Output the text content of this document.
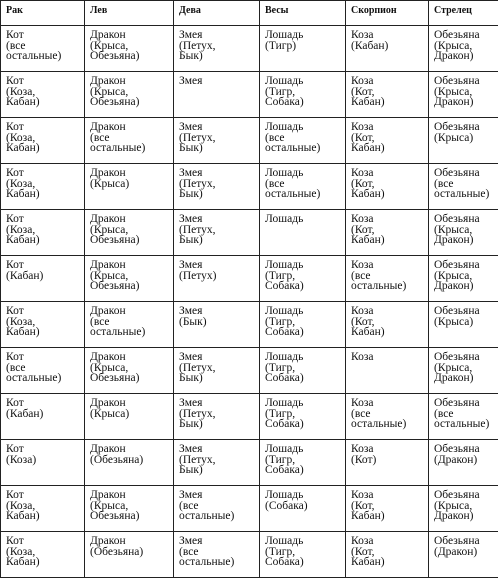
Рак	Лев	Дева	Весы	Скорпион	Стрелец
Кот
(все
остальные)	Дракон
(Крыса,
Обезьяна)	Змея
(Петух,
Бык)	Лошадь
(Тигр)	Коза
(Кабан)	Обезьяна
(Крыса,
Дракон)
Кот
(Коза,
Кабан)	Дракон
(Крыса,
Обезьяна)	Змея	Лошадь
(Тигр,
Собака)	Коза
(Кот,
Кабан)	Обезьяна
(Крыса,
Дракон)
Кот
(Коза,
Кабан)	Дракон
(все
остальные)	Змея
(Петух,
Бык)	Лошадь
(все
остальные)	Коза
(Кот,
Кабан)	Обезьяна
(Крыса)
Кот
(Коза,
Кабан)	Дракон
(Крыса)	Змея
(Петух,
Бык)	Лошадь
(все
остальные)	Коза
(Кот,
Кабан)	Обезьяна
(все
остальные)
Кот
(Коза,
Кабан)	Дракон
(Крыса,
Обезьяна)	Змея
(Петух,
Бык)	Лошадь	Коза
(Кот,
Кабан)	Обезьяна
(Крыса,
Дракон)
Кот
(Кабан)	Дракон
(Крыса,
Обезьяна)	Змея
(Петух)	Лошадь
(Тигр,
Собака)	Коза
(все
остальные)	Обезьяна
(Крыса,
Дракон)
Кот
(Коза,
Кабан)	Дракон
(все
остальные)	Змея
(Бык)	Лошадь
(Тигр,
Собака)	Коза
(Кот,
Кабан)	Обезьяна
(Крыса)
Кот
(все
остальные)	Дракон
(Крыса,
Обезьяна)	Змея
(Петух,
Бык)	Лошадь
(Тигр,
Собака)	Коза	Обезьяна
(Крыса,
Дракон)
Кот
(Кабан)	Дракон
(Крыса)	Змея
(Петух,
Бык)	Лошадь
(Тигр,
Собака)	Коза
(все
остальные)	Обезьяна
(все
остальные)
Кот
(Коза)	Дракон
(Обезьяна)	Змея
(Петух,
Бык)	Лошадь
(Тигр,
Собака)	Коза
(Кот)	Обезьяна
(Дракон)
Кот
(Коза,
Кабан)	Дракон
(Крыса,
Обезьяна)	Змея
(все
остальные)	Лошадь
(Собака)	Коза
(Кот,
Кабан)	Обезьяна
(Крыса,
Дракон)
Кот
(Коза,
Кабан)	Дракон
(Обезьяна)	Змея
(все
остальные)	Лошадь
(Тигр,
Собака)	Коза
(Кот,
Кабан)	Обезьяна
(Дракон)
